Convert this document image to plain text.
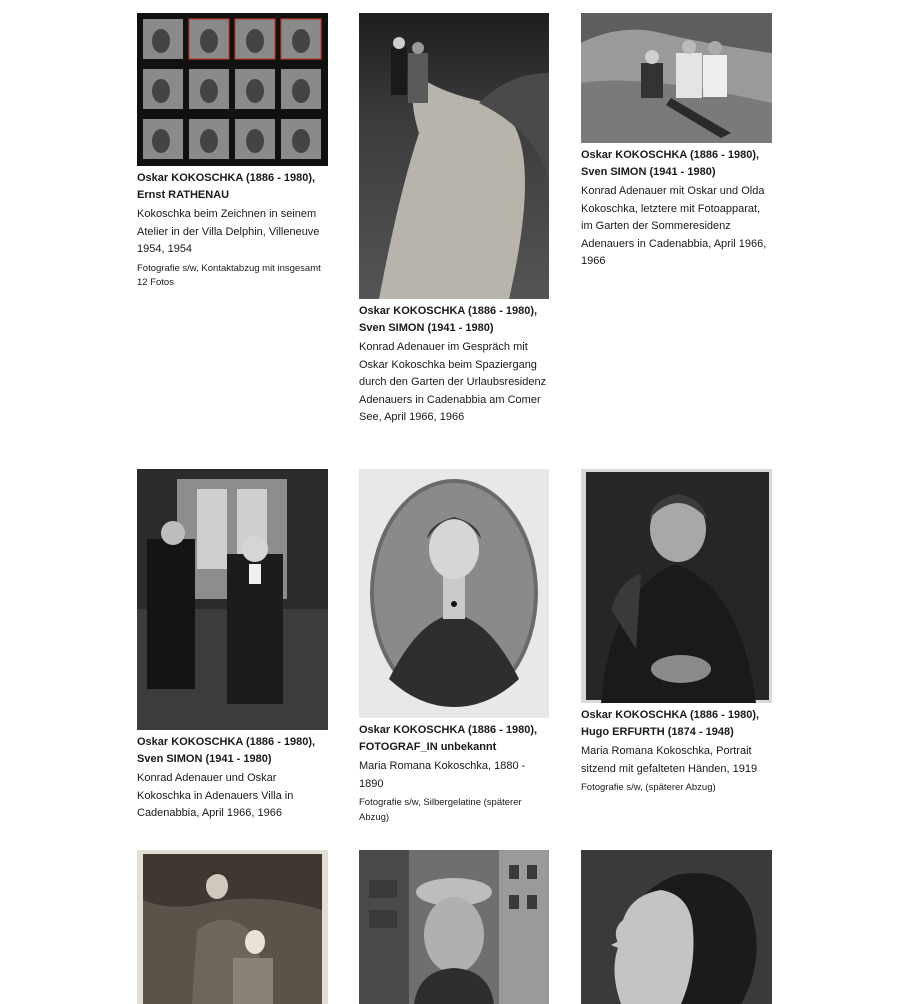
Oskar KOKOSCHKA (1886 - 1980),
Ernst RATHENAU
Kokoschka beim Zeichnen in seinem Atelier in der Villa Delphin, Villeneuve 1954, 1954
Fotografie s/w, Kontaktabzug mit insgesamt 12 Fotos
Oskar KOKOSCHKA (1886 - 1980),
Sven SIMON (1941 - 1980)
Konrad Adenauer im Gespräch mit Oskar Kokoschka beim Spaziergang durch den Garten der Urlaubsresidenz Adenauers in Cadenabbia am Comer See, April 1966, 1966
Oskar KOKOSCHKA (1886 - 1980),
Sven SIMON (1941 - 1980)
Konrad Adenauer mit Oskar und Olda Kokoschka, letztere mit Fotoapparat, im Garten der Sommeresidenz Adenauers in Cadenabbia, April 1966, 1966
Oskar KOKOSCHKA (1886 - 1980),
Sven SIMON (1941 - 1980)
Konrad Adenauer und Oskar Kokoschka in Adenauers Villa in Cadenabbia, April 1966, 1966
Oskar KOKOSCHKA (1886 - 1980),
FOTOGRAF_IN unbekannt
Maria Romana Kokoschka, 1880 - 1890
Fotografie s/w, Silbergelatine (späterer Abzug)
Oskar KOKOSCHKA (1886 - 1980),
Hugo ERFURTH (1874 - 1948)
Maria Romana Kokoschka, Portrait sitzend mit gefalteten Händen, 1919
Fotografie s/w, (späterer Abzug)
